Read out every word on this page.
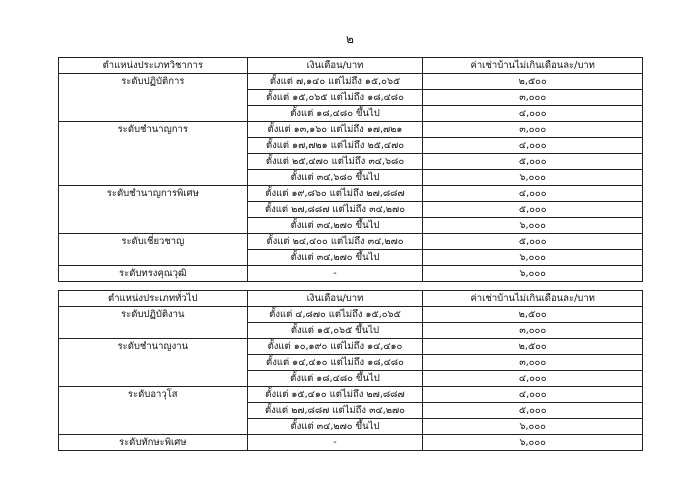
๒
ตำแหน่งประเภทวิชาการ	เงินเดือน/บาท	ค่าเช่าบ้านไม่เกินเดือนละ/บาท
ระดับปฏิบัติการ	ตั้งแต่ ๗,๑๔๐ แต่ไม่ถึง ๑๕,๐๖๕	๒,๕๐๐
	ตั้งแต่ ๑๕,๐๖๕ แต่ไม่ถึง ๑๘,๔๘๐	๓,๐๐๐
	ตั้งแต่ ๑๘,๔๘๐ ขึ้นไป	๔,๐๐๐
ระดับชำนาญการ	ตั้งแต่ ๑๓,๑๖๐ แต่ไม่ถึง ๑๗,๗๒๑	๓,๐๐๐
	ตั้งแต่ ๑๗,๗๒๑ แต่ไม่ถึง ๒๕,๔๗๐	๔,๐๐๐
	ตั้งแต่ ๒๕,๔๗๐ แต่ไม่ถึง ๓๔,๖๘๐	๕,๐๐๐
	ตั้งแต่ ๓๔,๖๘๐ ขึ้นไป	๖,๐๐๐
ระดับชำนาญการพิเศษ	ตั้งแต่ ๑๙,๘๖๐ แต่ไม่ถึง ๒๗,๘๘๗	๔,๐๐๐
	ตั้งแต่ ๒๗,๘๘๗ แต่ไม่ถึง ๓๔,๒๗๐	๕,๐๐๐
	ตั้งแต่ ๓๔,๒๗๐ ขึ้นไป	๖,๐๐๐
ระดับเชี่ยวชาญ	ตั้งแต่ ๒๔,๔๐๐ แต่ไม่ถึง ๓๔,๒๗๐	๕,๐๐๐
	ตั้งแต่ ๓๔,๒๗๐ ขึ้นไป	๖,๐๐๐
ระดับทรงคุณวุฒิ	-	๖,๐๐๐
ตำแหน่งประเภททั่วไป	เงินเดือน/บาท	ค่าเช่าบ้านไม่เกินเดือนละ/บาท
ระดับปฏิบัติงาน	ตั้งแต่ ๔,๘๗๐ แต่ไม่ถึง ๑๕,๐๖๕	๒,๕๐๐
	ตั้งแต่ ๑๕,๐๖๕ ขึ้นไป	๓,๐๐๐
ระดับชำนาญงาน	ตั้งแต่ ๑๐,๑๙๐ แต่ไม่ถึง ๑๔,๔๑๐	๒,๕๐๐
	ตั้งแต่ ๑๔,๔๑๐ แต่ไม่ถึง ๑๘,๔๘๐	๓,๐๐๐
	ตั้งแต่ ๑๘,๔๘๐ ขึ้นไป	๔,๐๐๐
ระดับอาวุโส	ตั้งแต่ ๑๕,๔๑๐ แต่ไม่ถึง ๒๗,๘๘๗	๔,๐๐๐
	ตั้งแต่ ๒๗,๘๘๗ แต่ไม่ถึง ๓๔,๒๗๐	๕,๐๐๐
	ตั้งแต่ ๓๔,๒๗๐ ขึ้นไป	๖,๐๐๐
ระดับทักษะพิเศษ	-	๖,๐๐๐
